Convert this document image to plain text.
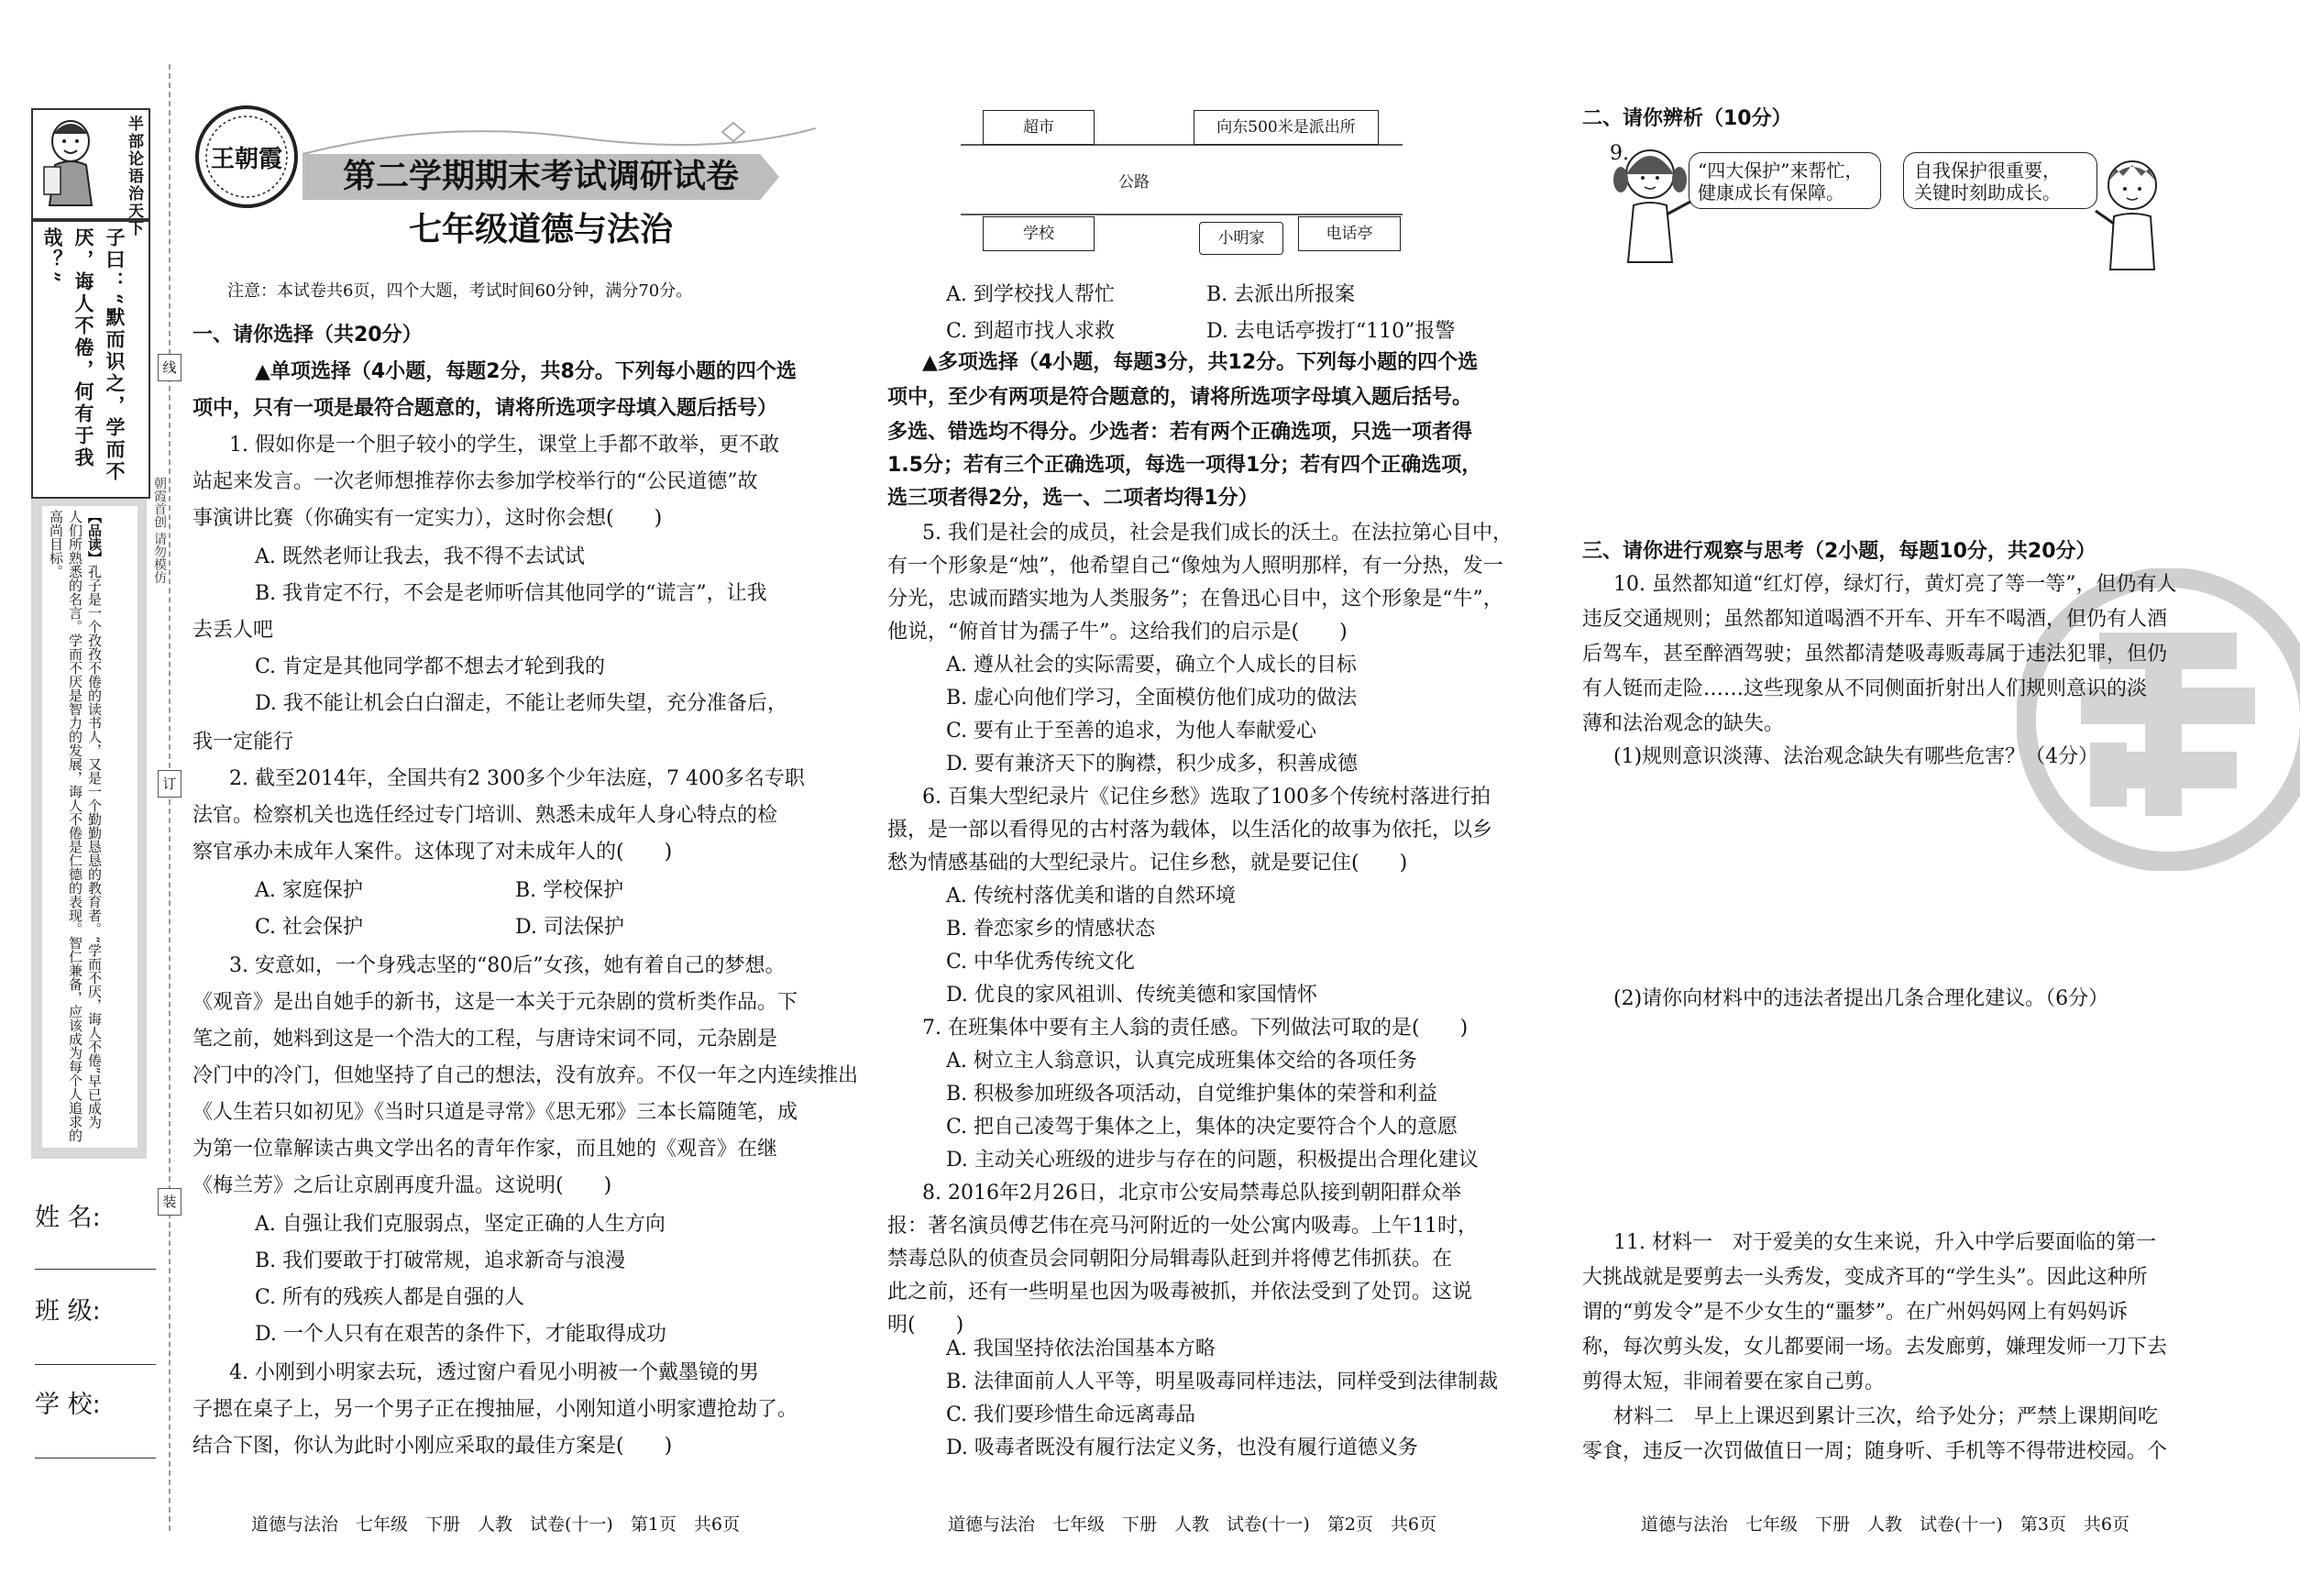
半部论语治天下
子曰：“默而识之，学而不厌，诲人不倦，何有于我哉？”
【品读】孔子是一个孜孜不倦的读书人，又是一个勤勤恳恳的教育者。“学而不厌，诲人不倦”早已成为人们所熟悉的名言。学而不厌是智力的发展，诲人不倦是仁德的表现。智仁兼备，应该成为每个人追求的高尚目标。	朝霞首创 请勿模仿
线
订
装
姓 名:
班 级:
学 校:
王朝霞	第二学期期末考试调研试卷
七年级道德与法治
注意：本试卷共6页，四个大题，考试时间60分钟，满分70分。
一、请你选择（共20分）
▲单项选择（4小题，每题2分，共8分。下列每小题的四个选
项中，只有一项是最符合题意的，请将所选项字母填入题后括号）
1. 假如你是一个胆子较小的学生，课堂上手都不敢举，更不敢
站起来发言。一次老师想推荐你去参加学校举行的“公民道德”故
事演讲比赛（你确实有一定实力），这时你会想(　　)
A. 既然老师让我去，我不得不去试试
B. 我肯定不行，不会是老师听信其他同学的“谎言”，让我
去丢人吧
C. 肯定是其他同学都不想去才轮到我的
D. 我不能让机会白白溜走，不能让老师失望，充分准备后，
我一定能行
2. 截至2014年，全国共有2 300多个少年法庭，7 400多名专职
法官。检察机关也选任经过专门培训、熟悉未成年人身心特点的检
察官承办未成年人案件。这体现了对未成年人的(　　)
A. 家庭保护	B. 学校保护
C. 社会保护	D. 司法保护
3. 安意如，一个身残志坚的“80后”女孩，她有着自己的梦想。
《观音》是出自她手的新书，这是一本关于元杂剧的赏析类作品。下
笔之前，她料到这是一个浩大的工程，与唐诗宋词不同，元杂剧是
冷门中的冷门，但她坚持了自己的想法，没有放弃。不仅一年之内连续推出
《人生若只如初见》《当时只道是寻常》《思无邪》三本长篇随笔，成
为第一位靠解读古典文学出名的青年作家，而且她的《观音》在继
《梅兰芳》之后让京剧再度升温。这说明(　　)
A. 自强让我们克服弱点，坚定正确的人生方向
B. 我们要敢于打破常规，追求新奇与浪漫
C. 所有的残疾人都是自强的人
D. 一个人只有在艰苦的条件下，才能取得成功
4. 小刚到小明家去玩，透过窗户看见小明被一个戴墨镜的男
子摁在桌子上，另一个男子正在搜抽屉，小刚知道小明家遭抢劫了。
结合下图，你认为此时小刚应采取的最佳方案是(　　)
道德与法治　七年级　下册　人教　试卷(十一)　第1页　共6页
超市	向东500米是派出所
公路
学校	小明家	电话亭
A. 到学校找人帮忙	B. 去派出所报案
C. 到超市找人求救	D. 去电话亭拨打“110”报警
▲多项选择（4小题，每题3分，共12分。下列每小题的四个选
项中，至少有两项是符合题意的，请将所选项字母填入题后括号。
多选、错选均不得分。少选者：若有两个正确选项，只选一项者得
1.5分；若有三个正确选项，每选一项得1分；若有四个正确选项，
选三项者得2分，选一、二项者均得1分）
5. 我们是社会的成员，社会是我们成长的沃土。在法拉第心目中，
有一个形象是“烛”，他希望自己“像烛为人照明那样，有一分热，发一
分光，忠诚而踏实地为人类服务”；在鲁迅心目中，这个形象是“牛”，
他说，“俯首甘为孺子牛”。这给我们的启示是(　　)
A. 遵从社会的实际需要，确立个人成长的目标
B. 虚心向他们学习，全面模仿他们成功的做法
C. 要有止于至善的追求，为他人奉献爱心
D. 要有兼济天下的胸襟，积少成多，积善成德
6. 百集大型纪录片《记住乡愁》选取了100多个传统村落进行拍
摄，是一部以看得见的古村落为载体，以生活化的故事为依托，以乡
愁为情感基础的大型纪录片。记住乡愁，就是要记住(　　)
A. 传统村落优美和谐的自然环境
B. 眷恋家乡的情感状态
C. 中华优秀传统文化
D. 优良的家风祖训、传统美德和家国情怀
7. 在班集体中要有主人翁的责任感。下列做法可取的是(　　)
A. 树立主人翁意识，认真完成班集体交给的各项任务
B. 积极参加班级各项活动，自觉维护集体的荣誉和利益
C. 把自己凌驾于集体之上，集体的决定要符合个人的意愿
D. 主动关心班级的进步与存在的问题，积极提出合理化建议
8. 2016年2月26日，北京市公安局禁毒总队接到朝阳群众举
报：著名演员傅艺伟在亮马河附近的一处公寓内吸毒。上午11时，
禁毒总队的侦查员会同朝阳分局辑毒队赶到并将傅艺伟抓获。在
此之前，还有一些明星也因为吸毒被抓，并依法受到了处罚。这说
明(　　)
A. 我国坚持依法治国基本方略
B. 法律面前人人平等，明星吸毒同样违法，同样受到法律制裁
C. 我们要珍惜生命远离毒品
D. 吸毒者既没有履行法定义务，也没有履行道德义务
道德与法治　七年级　下册　人教　试卷(十一)　第2页　共6页
二、请你辨析（10分）
9.
“四大保护”来帮忙，
健康成长有保障。
自我保护很重要，
关键时刻助成长。
三、请你进行观察与思考（2小题，每题10分，共20分）
10. 虽然都知道“红灯停，绿灯行，黄灯亮了等一等”，但仍有人
违反交通规则；虽然都知道喝酒不开车、开车不喝酒，但仍有人酒
后驾车，甚至醉酒驾驶；虽然都清楚吸毒贩毒属于违法犯罪，但仍
有人铤而走险……这些现象从不同侧面折射出人们规则意识的淡
薄和法治观念的缺失。
(1)规则意识淡薄、法治观念缺失有哪些危害？（4分）
(2)请你向材料中的违法者提出几条合理化建议。（6分）
11. 材料一　对于爱美的女生来说，升入中学后要面临的第一
大挑战就是要剪去一头秀发，变成齐耳的“学生头”。因此这种所
谓的“剪发令”是不少女生的“噩梦”。在广州妈妈网上有妈妈诉
称，每次剪头发，女儿都要闹一场。去发廊剪，嫌理发师一刀下去
剪得太短，非闹着要在家自己剪。
材料二　早上上课迟到累计三次，给予处分；严禁上课期间吃
零食，违反一次罚做值日一周；随身听、手机等不得带进校园。个
道德与法治　七年级　下册　人教　试卷(十一)　第3页　共6页
